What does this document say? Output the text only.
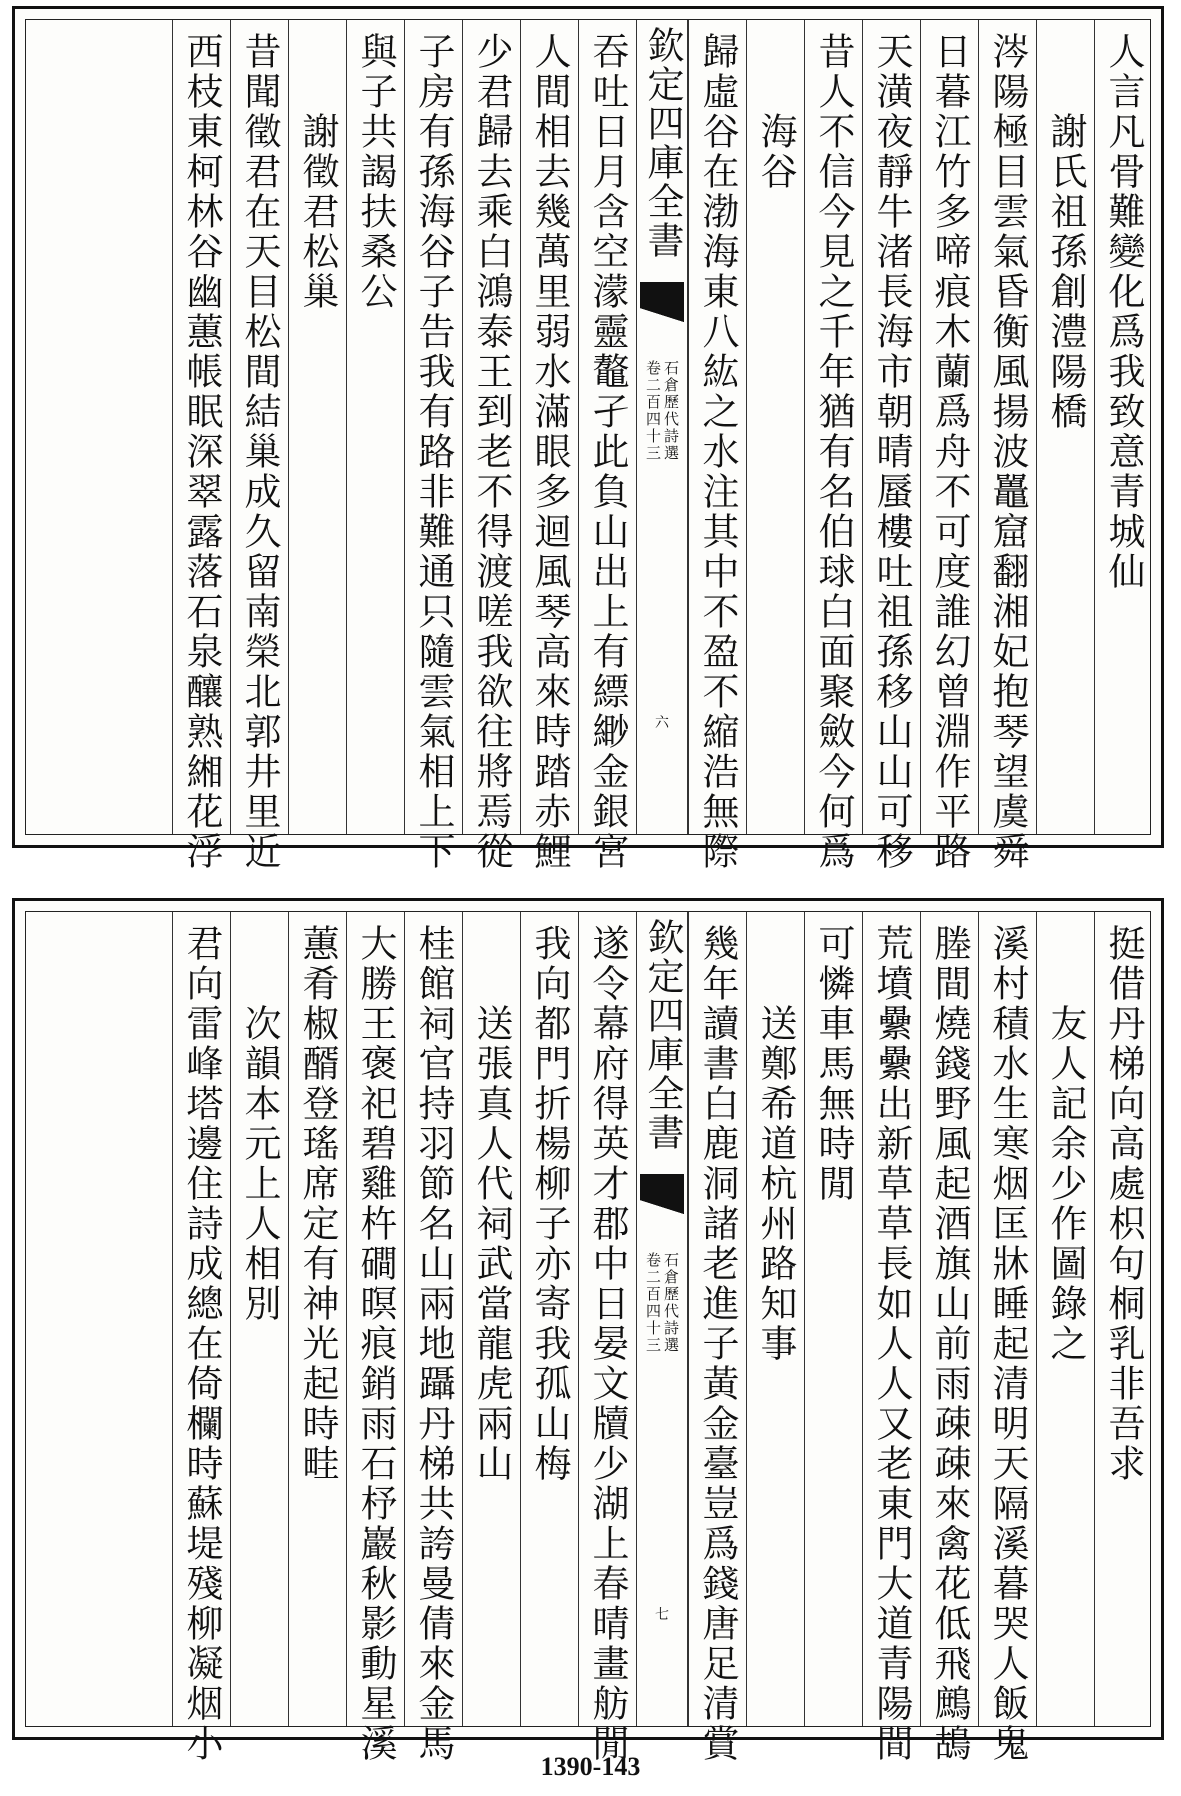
人言凡骨難變化爲我致意青城仙
謝氏祖孫創澧陽橋
涔陽極目雲氣昏衡風揚波鼉窟翻湘妃抱琴望虞舜
日暮江竹多啼痕木蘭爲舟不可度誰幻曾淵作平路
天潢夜靜牛渚長海市朝晴蜃樓吐祖孫移山山可移
昔人不信今見之千年猶有名伯球白面聚斂今何爲
海谷
歸虛谷在渤海東八紘之水注其中不盈不縮浩無際
欽定四庫全書
石倉歷代詩選
卷二百四十三
六
吞吐日月含空濛靈鼇孑此負山出上有縹緲金銀宮
人間相去幾萬里弱水滿眼多迴風琴高來時踏赤鯉
少君歸去乘白鴻泰王到老不得渡嗟我欲往將焉從
子房有孫海谷子告我有路非難通只隨雲氣相上下
與子共謁扶桑公
謝徵君松巢
昔聞徵君在天目松間結巢成久留南榮北郭井里近
西枝東柯林谷幽蕙帳眠深翠露落石泉釀熟緗花浮
挺借丹梯向高處枳句桐乳非吾求
友人記余少作圖錄之
溪村積水生寒烟匡牀睡起清明天隔溪暮哭人飯鬼
塍間燒錢野風起酒旗山前雨疎疎來禽花低飛鷓鴣
荒墳纍纍出新草草長如人人又老東門大道青陽間
可憐車馬無時閒
送鄭希道杭州路知事
幾年讀書白鹿洞諸老進子黃金臺豈爲錢唐足清賞
欽定四庫全書
石倉歷代詩選
卷二百四十三
七
遂令幕府得英才郡中日晏文牘少湖上春晴畫舫閒
我向都門折楊柳子亦寄我孤山梅
送張真人代祠武當龍虎兩山
桂館祠官持羽節名山兩地躡丹梯共誇曼倩來金馬
大勝王褒祀碧雞杵磵暝痕銷雨石杼巖秋影動星溪
蕙肴椒醑登瑤席定有神光起時畦
次韻本元上人相別
君向雷峰塔邊住詩成總在倚欄時蘇堤殘柳凝烟小
1390-143
